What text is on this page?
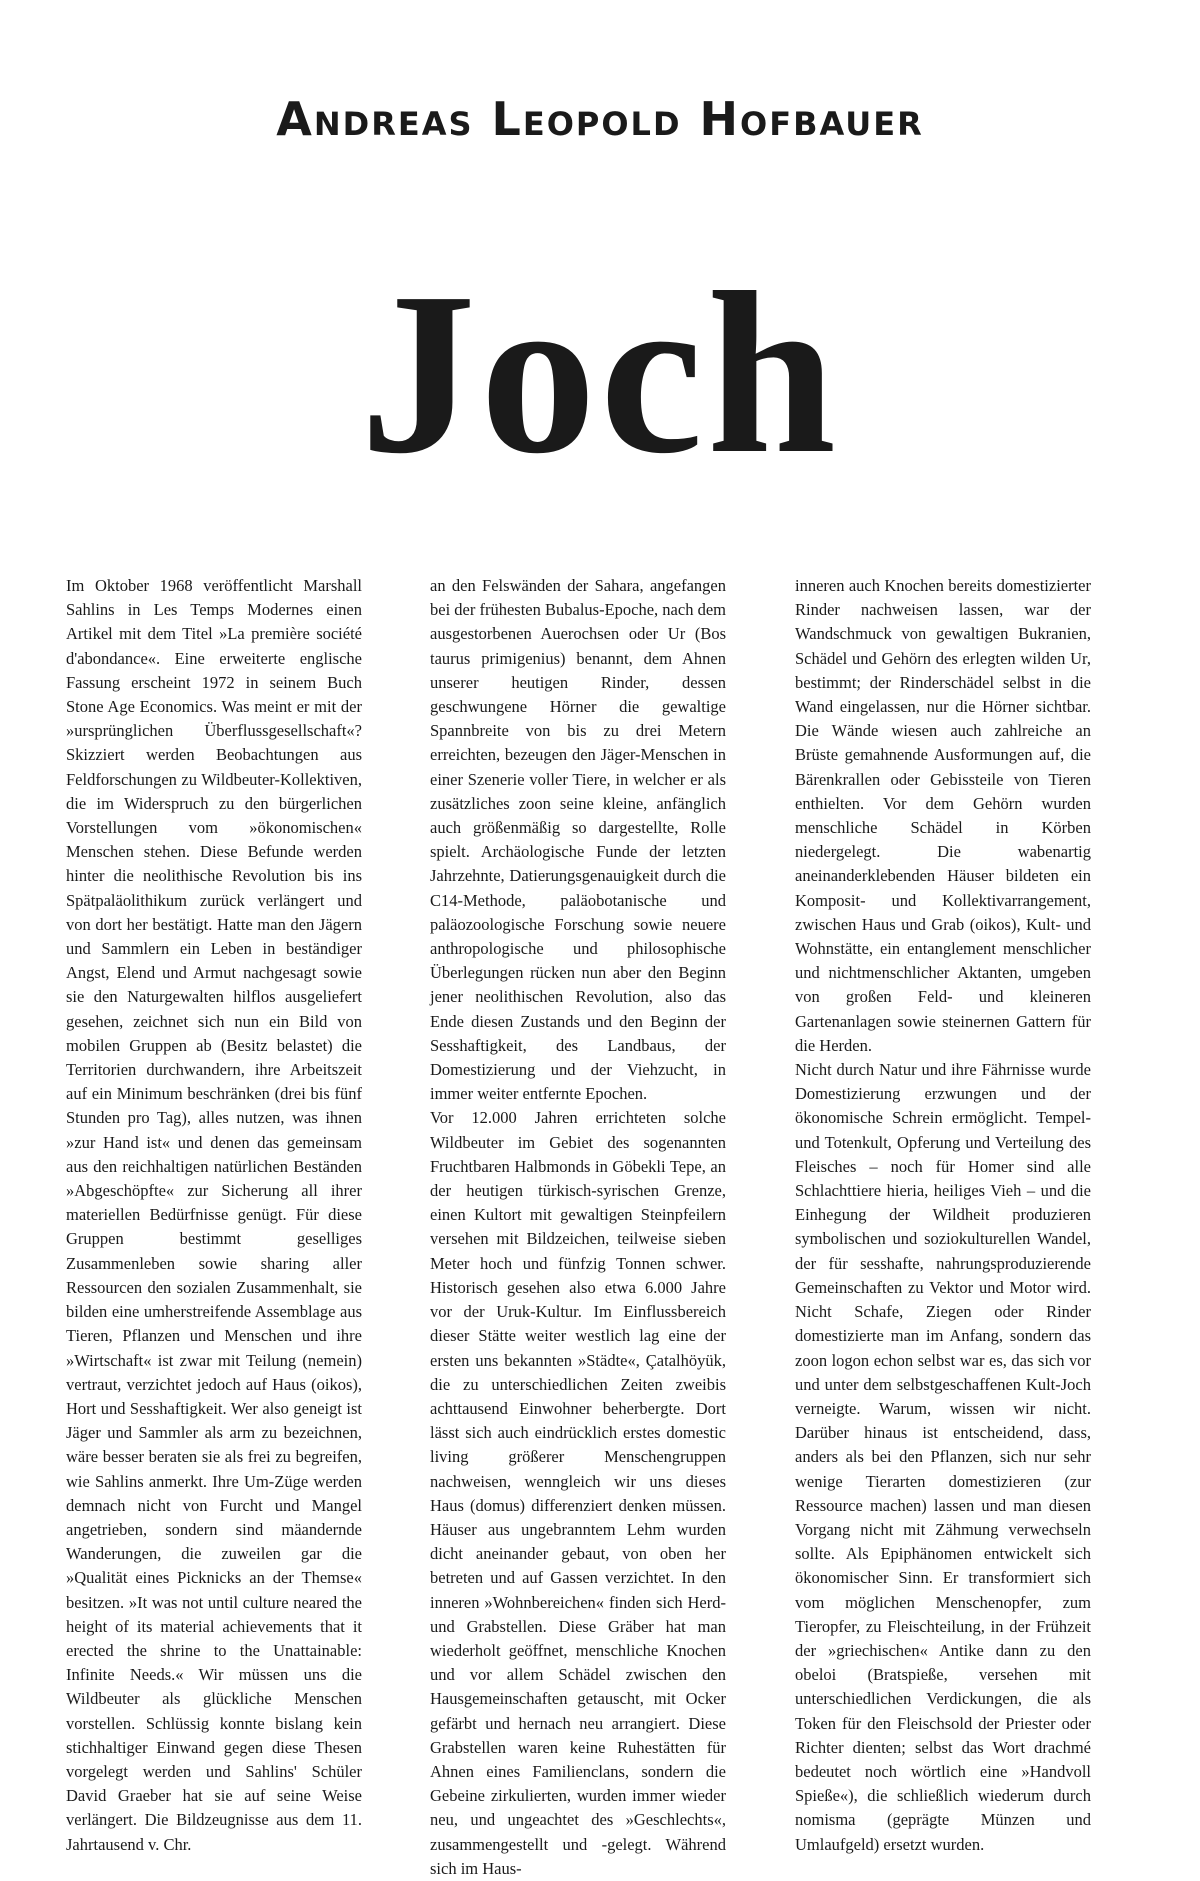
Andreas Leopold Hofbauer
Joch

Im Oktober 1968 veröffentlicht Marshall Sahlins in Les Temps Modernes einen Artikel mit dem Titel »La première société d'abondance«. Eine erweiterte englische Fassung erscheint 1972 in seinem Buch Stone Age Economics. Was meint er mit der »ursprünglichen Überflussgesellschaft«? Skizziert werden Beobachtungen aus Feldforschungen zu Wildbeuter-Kollektiven, die im Widerspruch zu den bürgerlichen Vorstellungen vom »ökonomischen« Menschen stehen. Diese Befunde werden hinter die neolithische Revolution bis ins Spätpaläolithikum zurück verlängert und von dort her bestätigt. Hatte man den Jägern und Sammlern ein Leben in beständiger Angst, Elend und Armut nachgesagt sowie sie den Naturgewalten hilflos ausgeliefert gesehen, zeichnet sich nun ein Bild von mobilen Gruppen ab (Besitz belastet) die Territorien durchwandern, ihre Arbeitszeit auf ein Minimum beschränken (drei bis fünf Stunden pro Tag), alles nutzen, was ihnen »zur Hand ist« und denen das gemeinsam aus den reichhaltigen natürlichen Beständen »Abgeschöpfte« zur Sicherung all ihrer materiellen Bedürfnisse genügt. Für diese Gruppen bestimmt geselliges Zusammenleben sowie sharing aller Ressourcen den sozialen Zusammenhalt, sie bilden eine umherstreifende Assemblage aus Tieren, Pflanzen und Menschen und ihre »Wirtschaft« ist zwar mit Teilung (nemein) vertraut, verzichtet jedoch auf Haus (oikos), Hort und Sesshaftigkeit. Wer also geneigt ist Jäger und Sammler als arm zu bezeichnen, wäre besser beraten sie als frei zu begreifen, wie Sahlins anmerkt. Ihre Um-Züge werden demnach nicht von Furcht und Mangel angetrieben, sondern sind mäandernde Wanderungen, die zuweilen gar die »Qualität eines Picknicks an der Themse« besitzen. »It was not until culture neared the height of its material achievements that it erected the shrine to the Unattainable: Infinite Needs.« Wir müssen uns die Wildbeuter als glückliche Menschen vorstellen. Schlüssig konnte bislang kein stichhaltiger Einwand gegen diese Thesen vorgelegt werden und Sahlins' Schüler David Graeber hat sie auf seine Weise verlängert. Die Bildzeugnisse aus dem 11. Jahrtausend v. Chr.

an den Felswänden der Sahara, angefangen bei der frühesten Bubalus-Epoche, nach dem ausgestorbenen Auerochsen oder Ur (Bos taurus primigenius) benannt, dem Ahnen unserer heutigen Rinder, dessen geschwungene Hörner die gewaltige Spannbreite von bis zu drei Metern erreichten, bezeugen den Jäger-Menschen in einer Szenerie voller Tiere, in welcher er als zusätzliches zoon seine kleine, anfänglich auch größenmäßig so dargestellte, Rolle spielt. Archäologische Funde der letzten Jahrzehnte, Datierungsgenauigkeit durch die C14-Methode, paläobotanische und paläozoologische Forschung sowie neuere anthropologische und philosophische Überlegungen rücken nun aber den Beginn jener neolithischen Revolution, also das Ende diesen Zustands und den Beginn der Sesshaftigkeit, des Landbaus, der Domestizierung und der Viehzucht, in immer weiter entfernte Epochen.

Vor 12.000 Jahren errichteten solche Wildbeuter im Gebiet des sogenannten Fruchtbaren Halbmonds in Göbekli Tepe, an der heutigen türkisch-syrischen Grenze, einen Kultort mit gewaltigen Steinpfeilern versehen mit Bildzeichen, teilweise sieben Meter hoch und fünfzig Tonnen schwer. Historisch gesehen also etwa 6.000 Jahre vor der Uruk-Kultur. Im Einflussbereich dieser Stätte weiter westlich lag eine der ersten uns bekannten »Städte«, Çatalhöyük, die zu unterschiedlichen Zeiten zweibis achttausend Einwohner beherbergte. Dort lässt sich auch eindrücklich erstes domestic living größerer Menschengruppen nachweisen, wenngleich wir uns dieses Haus (domus) differenziert denken müssen. Häuser aus ungebranntem Lehm wurden dicht aneinander gebaut, von oben her betreten und auf Gassen verzichtet. In den inneren »Wohnbereichen« finden sich Herd- und Grabstellen. Diese Gräber hat man wiederholt geöffnet, menschliche Knochen und vor allem Schädel zwischen den Hausgemeinschaften getauscht, mit Ocker gefärbt und hernach neu arrangiert. Diese Grabstellen waren keine Ruhestätten für Ahnen eines Familienclans, sondern die Gebeine zirkulierten, wurden immer wieder neu, und ungeachtet des »Geschlechts«, zusammengestellt und -gelegt. Während sich im Haus-

inneren auch Knochen bereits domestizierter Rinder nachweisen lassen, war der Wandschmuck von gewaltigen Bukranien, Schädel und Gehörn des erlegten wilden Ur, bestimmt; der Rinderschädel selbst in die Wand eingelassen, nur die Hörner sichtbar. Die Wände wiesen auch zahlreiche an Brüste gemahnende Ausformungen auf, die Bärenkrallen oder Gebissteile von Tieren enthielten. Vor dem Gehörn wurden menschliche Schädel in Körben niedergelegt. Die wabenartig aneinanderklebenden Häuser bildeten ein Komposit- und Kollektivarrangement, zwischen Haus und Grab (oikos), Kult- und Wohnstätte, ein entanglement menschlicher und nichtmenschlicher Aktanten, umgeben von großen Feld- und kleineren Gartenanlagen sowie steinernen Gattern für die Herden.

Nicht durch Natur und ihre Fährnisse wurde Domestizierung erzwungen und der ökonomische Schrein ermöglicht. Tempel- und Totenkult, Opferung und Verteilung des Fleisches – noch für Homer sind alle Schlachttiere hieria, heiliges Vieh – und die Einhegung der Wildheit produzieren symbolischen und soziokulturellen Wandel, der für sesshafte, nahrungsproduzierende Gemeinschaften zu Vektor und Motor wird. Nicht Schafe, Ziegen oder Rinder domestizierte man im Anfang, sondern das zoon logon echon selbst war es, das sich vor und unter dem selbstgeschaffenen Kult-Joch verneigte. Warum, wissen wir nicht. Darüber hinaus ist entscheidend, dass, anders als bei den Pflanzen, sich nur sehr wenige Tierarten domestizieren (zur Ressource machen) lassen und man diesen Vorgang nicht mit Zähmung verwechseln sollte. Als Epiphänomen entwickelt sich ökonomischer Sinn. Er transformiert sich vom möglichen Menschenopfer, zum Tieropfer, zu Fleischteilung, in der Frühzeit der »griechischen« Antike dann zu den obeloi (Bratspieße, versehen mit unterschiedlichen Verdickungen, die als Token für den Fleischsold der Priester oder Richter dienten; selbst das Wort drachmé bedeutet noch wörtlich eine »Handvoll Spieße«), die schließlich wiederum durch nomisma (geprägte Münzen und Umlaufgeld) ersetzt wurden.
